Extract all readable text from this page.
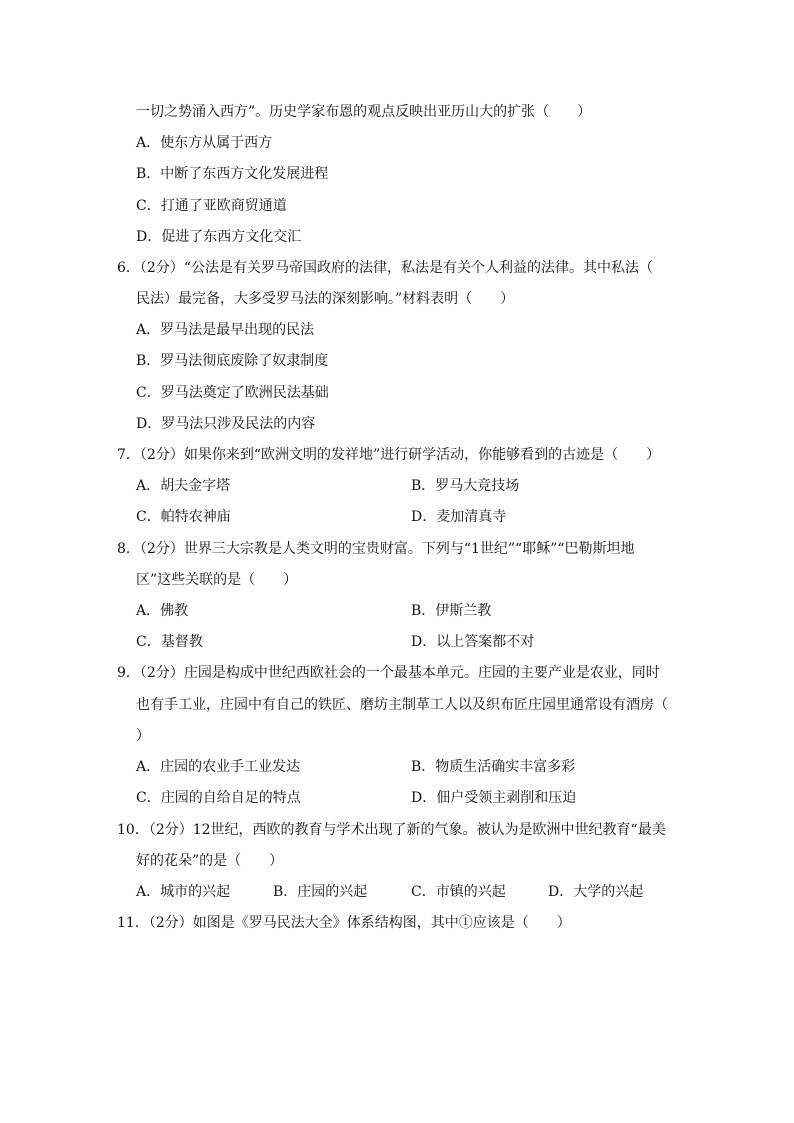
一切之势涌入西方”。历史学家布恩的观点反映出亚历山大的扩张（　　）
A．使东方从属于西方
B．中断了东西方文化发展进程
C．打通了亚欧商贸通道
D．促进了东西方文化交汇
6．（2分）“公法是有关罗马帝国政府的法律，私法是有关个人利益的法律。其中私法（
民法）最完备，大多受罗马法的深刻影响。”材料表明（　　）
A．罗马法是最早出现的民法
B．罗马法彻底废除了奴隶制度
C．罗马法奠定了欧洲民法基础
D．罗马法只涉及民法的内容
7．（2分）如果你来到“欧洲文明的发祥地”进行研学活动，你能够看到的古迹是（　　）
A．胡夫金字塔	B．罗马大竞技场
C．帕特农神庙	D．麦加清真寺
8．（2分）世界三大宗教是人类文明的宝贵财富。下列与“1世纪”“耶稣”“巴勒斯坦地
区”这些关联的是（　　）
A．佛教	B．伊斯兰教
C．基督教	D．以上答案都不对
9．（2分）庄园是构成中世纪西欧社会的一个最基本单元。庄园的主要产业是农业，同时
也有手工业，庄园中有自己的铁匠、磨坊主制革工人以及织布匠庄园里通常设有酒房（
）
A．庄园的农业手工业发达	B．物质生活确实丰富多彩
C．庄园的自给自足的特点	D．佃户受领主剥削和压迫
10．（2分）12世纪，西欧的教育与学术出现了新的气象。被认为是欧洲中世纪教育“最美
好的花朵”的是（　　）
A．城市的兴起	B．庄园的兴起	C．市镇的兴起	D．大学的兴起
11．（2分）如图是《罗马民法大全》体系结构图，其中①应该是（　　）
